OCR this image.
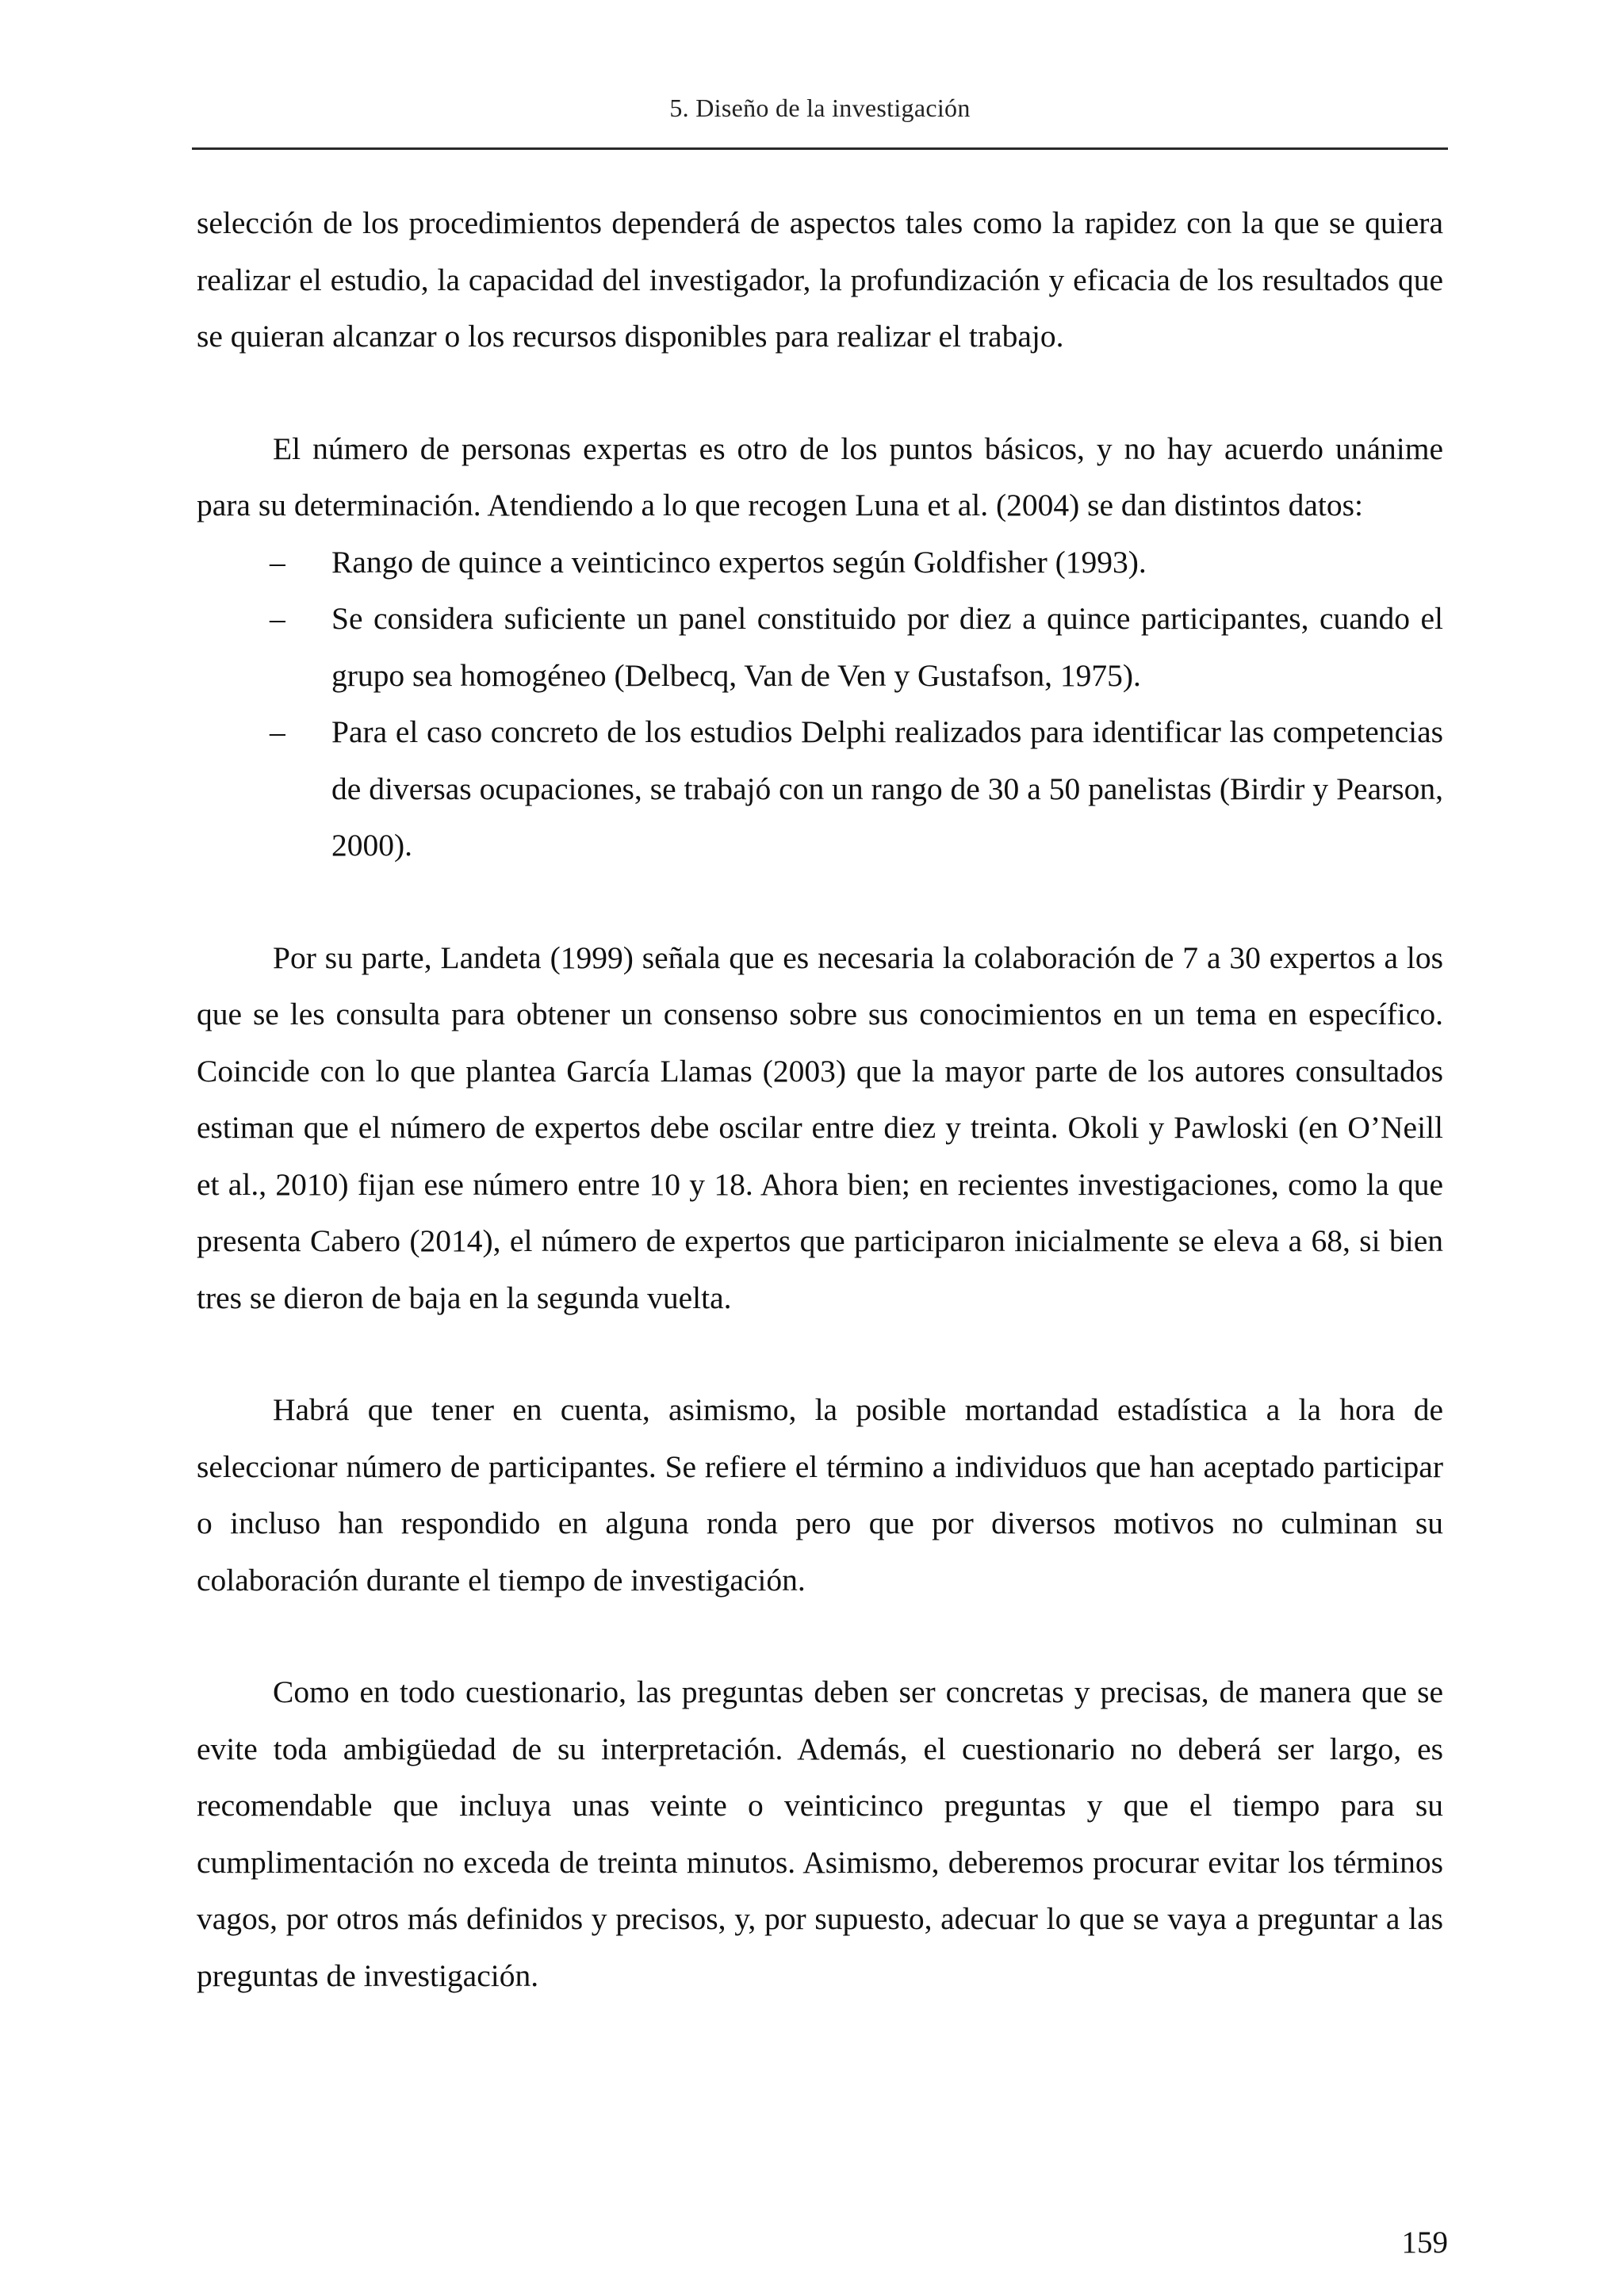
5. Diseño de la investigación

selección de los procedimientos dependerá de aspectos tales como la rapidez con la que se quiera realizar el estudio, la capacidad del investigador, la profundización y eficacia de los resultados que se quieran alcanzar o los recursos disponibles para realizar el trabajo.

El número de personas expertas es otro de los puntos básicos, y no hay acuerdo unánime para su determinación. Atendiendo a lo que recogen Luna et al. (2004) se dan distintos datos:

– Rango de quince a veinticinco expertos según Goldfisher (1993).
– Se considera suficiente un panel constituido por diez a quince participantes, cuando el grupo sea homogéneo (Delbecq, Van de Ven y Gustafson, 1975).
– Para el caso concreto de los estudios Delphi realizados para identificar las competencias de diversas ocupaciones, se trabajó con un rango de 30 a 50 panelistas (Birdir y Pearson, 2000).

Por su parte, Landeta (1999) señala que es necesaria la colaboración de 7 a 30 expertos a los que se les consulta para obtener un consenso sobre sus conocimientos en un tema en específico. Coincide con lo que plantea García Llamas (2003) que la mayor parte de los autores consultados estiman que el número de expertos debe oscilar entre diez y treinta. Okoli y Pawloski (en O’Neill et al., 2010) fijan ese número entre 10 y 18. Ahora bien; en recientes investigaciones, como la que presenta Cabero (2014), el número de expertos que participaron inicialmente se eleva a 68, si bien tres se dieron de baja en la segunda vuelta.

Habrá que tener en cuenta, asimismo, la posible mortandad estadística a la hora de seleccionar número de participantes. Se refiere el término a individuos que han aceptado participar o incluso han respondido en alguna ronda pero que por diversos motivos no culminan su colaboración durante el tiempo de investigación.

Como en todo cuestionario, las preguntas deben ser concretas y precisas, de manera que se evite toda ambigüedad de su interpretación. Además, el cuestionario no deberá ser largo, es recomendable que incluya unas veinte o veinticinco preguntas y que el tiempo para su cumplimentación no exceda de treinta minutos. Asimismo, deberemos procurar evitar los términos vagos, por otros más definidos y precisos, y, por supuesto, adecuar lo que se vaya a preguntar a las preguntas de investigación.

159
